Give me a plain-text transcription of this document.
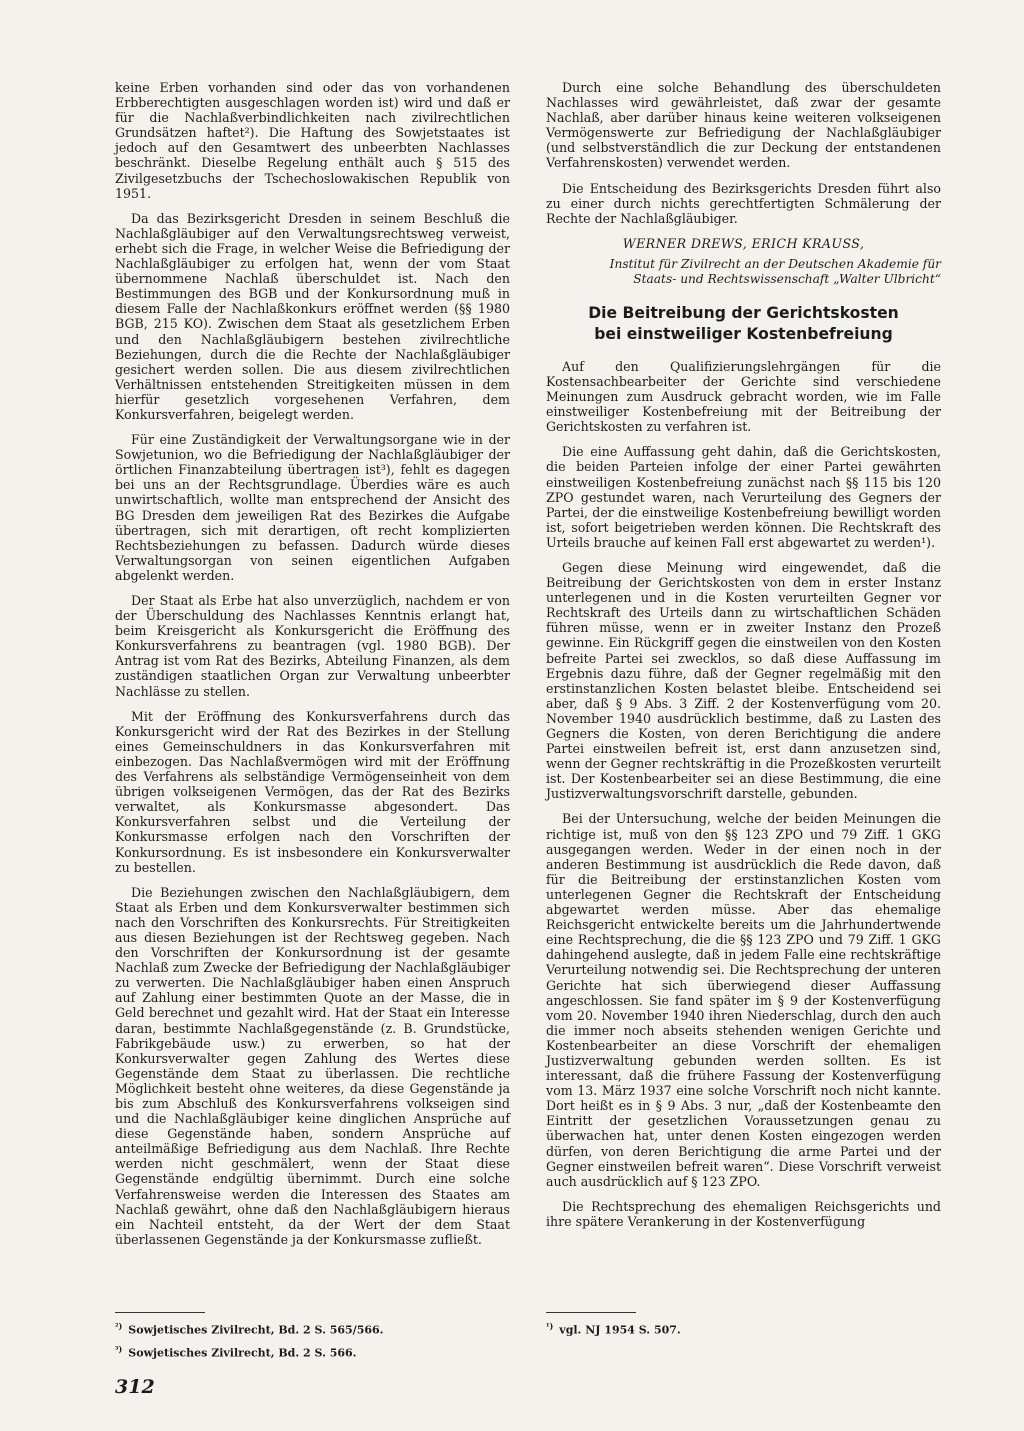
keine Erben vorhanden sind oder das von vorhandenen Erbberechtigten ausgeschlagen worden ist) wird und daß er für die Nachlaßverbindlichkeiten nach zivilrechtlichen Grundsätzen haftet²). Die Haftung des Sowjetstaates ist jedoch auf den Gesamtwert des unbeerbten Nachlasses beschränkt. Dieselbe Regelung enthält auch § 515 des Zivilgesetzbuchs der Tschechoslowakischen Republik von 1951.

Da das Bezirksgericht Dresden in seinem Beschluß die Nachlaßgläubiger auf den Verwaltungsrechtsweg verweist, erhebt sich die Frage, in welcher Weise die Befriedigung der Nachlaßgläubiger zu erfolgen hat, wenn der vom Staat übernommene Nachlaß überschuldet ist. Nach den Bestimmungen des BGB und der Konkursordnung muß in diesem Falle der Nachlaßkonkurs eröffnet werden (§§ 1980 BGB, 215 KO). Zwischen dem Staat als gesetzlichem Erben und den Nachlaßgläubigern bestehen zivilrechtliche Beziehungen, durch die die Rechte der Nachlaßgläubiger gesichert werden sollen. Die aus diesem zivilrechtlichen Verhältnissen entstehenden Streitigkeiten müssen in dem hierfür gesetzlich vorgesehenen Verfahren, dem Konkursverfahren, beigelegt werden.

Für eine Zuständigkeit der Verwaltungsorgane wie in der Sowjetunion, wo die Befriedigung der Nachlaßgläubiger der örtlichen Finanzabteilung übertragen ist³), fehlt es dagegen bei uns an der Rechtsgrundlage. Überdies wäre es auch unwirtschaftlich, wollte man entsprechend der Ansicht des BG Dresden dem jeweiligen Rat des Bezirkes die Aufgabe übertragen, sich mit derartigen, oft recht komplizierten Rechtsbeziehungen zu befassen. Dadurch würde dieses Verwaltungsorgan von seinen eigentlichen Aufgaben abgelenkt werden.

Der Staat als Erbe hat also unverzüglich, nachdem er von der Überschuldung des Nachlasses Kenntnis erlangt hat, beim Kreisgericht als Konkursgericht die Eröffnung des Konkursverfahrens zu beantragen (vgl. 1980 BGB). Der Antrag ist vom Rat des Bezirks, Abteilung Finanzen, als dem zuständigen staatlichen Organ zur Verwaltung unbeerbter Nachlässe zu stellen.

Mit der Eröffnung des Konkursverfahrens durch das Konkursgericht wird der Rat des Bezirkes in der Stellung eines Gemeinschuldners in das Konkursverfahren mit einbezogen. Das Nachlaßvermögen wird mit der Eröffnung des Verfahrens als selbständige Vermögenseinheit von dem übrigen volkseigenen Vermögen, das der Rat des Bezirks verwaltet, als Konkursmasse abgesondert. Das Konkursverfahren selbst und die Verteilung der Konkursmasse erfolgen nach den Vorschriften der Konkursordnung. Es ist insbesondere ein Konkursverwalter zu bestellen.

Die Beziehungen zwischen den Nachlaßgläubigern, dem Staat als Erben und dem Konkursverwalter bestimmen sich nach den Vorschriften des Konkursrechts. Für Streitigkeiten aus diesen Beziehungen ist der Rechtsweg gegeben. Nach den Vorschriften der Konkursordnung ist der gesamte Nachlaß zum Zwecke der Befriedigung der Nachlaßgläubiger zu verwerten. Die Nachlaßgläubiger haben einen Anspruch auf Zahlung einer bestimmten Quote an der Masse, die in Geld berechnet und gezahlt wird. Hat der Staat ein Interesse daran, bestimmte Nachlaßgegenstände (z. B. Grundstücke, Fabrikgebäude usw.) zu erwerben, so hat der Konkursverwalter gegen Zahlung des Wertes diese Gegenstände dem Staat zu überlassen. Die rechtliche Möglichkeit besteht ohne weiteres, da diese Gegenstände ja bis zum Abschluß des Konkursverfahrens volkseigen sind und die Nachlaßgläubiger keine dinglichen Ansprüche auf diese Gegenstände haben, sondern Ansprüche auf anteilmäßige Befriedigung aus dem Nachlaß. Ihre Rechte werden nicht geschmälert, wenn der Staat diese Gegenstände endgültig übernimmt. Durch eine solche Verfahrensweise werden die Interessen des Staates am Nachlaß gewährt, ohne daß den Nachlaßgläubigern hieraus ein Nachteil entsteht, da der Wert der dem Staat überlassenen Gegenstände ja der Konkursmasse zufließt.

Durch eine solche Behandlung des überschuldeten Nachlasses wird gewährleistet, daß zwar der gesamte Nachlaß, aber darüber hinaus keine weiteren volkseigenen Vermögenswerte zur Befriedigung der Nachlaßgläubiger (und selbstverständlich die zur Deckung der entstandenen Verfahrenskosten) verwendet werden.

Die Entscheidung des Bezirksgerichts Dresden führt also zu einer durch nichts gerechtfertigten Schmälerung der Rechte der Nachlaßgläubiger.

WERNER DREWS, ERICH KRAUSS,
Institut für Zivilrecht an der Deutschen Akademie für
Staats- und Rechtswissenschaft „Walter Ulbricht“
Die Beitreibung der Gerichtskosten
bei einstweiliger Kostenbefreiung

Auf den Qualifizierungslehrgängen für die Kostensachbearbeiter der Gerichte sind verschiedene Meinungen zum Ausdruck gebracht worden, wie im Falle einstweiliger Kostenbefreiung mit der Beitreibung der Gerichtskosten zu verfahren ist.

Die eine Auffassung geht dahin, daß die Gerichtskosten, die beiden Parteien infolge der einer Partei gewährten einstweiligen Kostenbefreiung zunächst nach §§ 115 bis 120 ZPO gestundet waren, nach Verurteilung des Gegners der Partei, der die einstweilige Kostenbefreiung bewilligt worden ist, sofort beigetrieben werden können. Die Rechtskraft des Urteils brauche auf keinen Fall erst abgewartet zu werden¹).

Gegen diese Meinung wird eingewendet, daß die Beitreibung der Gerichtskosten von dem in erster Instanz unterlegenen und in die Kosten verurteilten Gegner vor Rechtskraft des Urteils dann zu wirtschaftlichen Schäden führen müsse, wenn er in zweiter Instanz den Prozeß gewinne. Ein Rückgriff gegen die einstweilen von den Kosten befreite Partei sei zwecklos, so daß diese Auffassung im Ergebnis dazu führe, daß der Gegner regelmäßig mit den erstinstanzlichen Kosten belastet bleibe. Entscheidend sei aber, daß § 9 Abs. 3 Ziff. 2 der Kostenverfügung vom 20. November 1940 ausdrücklich bestimme, daß zu Lasten des Gegners die Kosten, von deren Berichtigung die andere Partei einstweilen befreit ist, erst dann anzusetzen sind, wenn der Gegner rechtskräftig in die Prozeßkosten verurteilt ist. Der Kostenbearbeiter sei an diese Bestimmung, die eine Justizverwaltungsvorschrift darstelle, gebunden.

Bei der Untersuchung, welche der beiden Meinungen die richtige ist, muß von den §§ 123 ZPO und 79 Ziff. 1 GKG ausgegangen werden. Weder in der einen noch in der anderen Bestimmung ist ausdrücklich die Rede davon, daß für die Beitreibung der erstinstanzlichen Kosten vom unterlegenen Gegner die Rechtskraft der Entscheidung abgewartet werden müsse. Aber das ehemalige Reichsgericht entwickelte bereits um die Jahrhundertwende eine Rechtsprechung, die die §§ 123 ZPO und 79 Ziff. 1 GKG dahingehend auslegte, daß in jedem Falle eine rechtskräftige Verurteilung notwendig sei. Die Rechtsprechung der unteren Gerichte hat sich überwiegend dieser Auffassung angeschlossen. Sie fand später im § 9 der Kostenverfügung vom 20. November 1940 ihren Niederschlag, durch den auch die immer noch abseits stehenden wenigen Gerichte und Kostenbearbeiter an diese Vorschrift der ehemaligen Justizverwaltung gebunden werden sollten. Es ist interessant, daß die frühere Fassung der Kostenverfügung vom 13. März 1937 eine solche Vorschrift noch nicht kannte. Dort heißt es in § 9 Abs. 3 nur, „daß der Kostenbeamte den Eintritt der gesetzlichen Voraussetzungen genau zu überwachen hat, unter denen Kosten eingezogen werden dürfen, von deren Berichtigung die arme Partei und der Gegner einstweilen befreit waren“. Diese Vorschrift verweist auch ausdrücklich auf § 123 ZPO.

Die Rechtsprechung des ehemaligen Reichsgerichts und ihre spätere Verankerung in der Kostenverfügung

$^{^2)}$ Sowjetisches Zivilrecht, Bd. 2 S. 565/566.
$^{^3)}$ Sowjetisches Zivilrecht, Bd. 2 S. 566.
$^{^1)}$ vgl. NJ 1954 S. 507.
312
